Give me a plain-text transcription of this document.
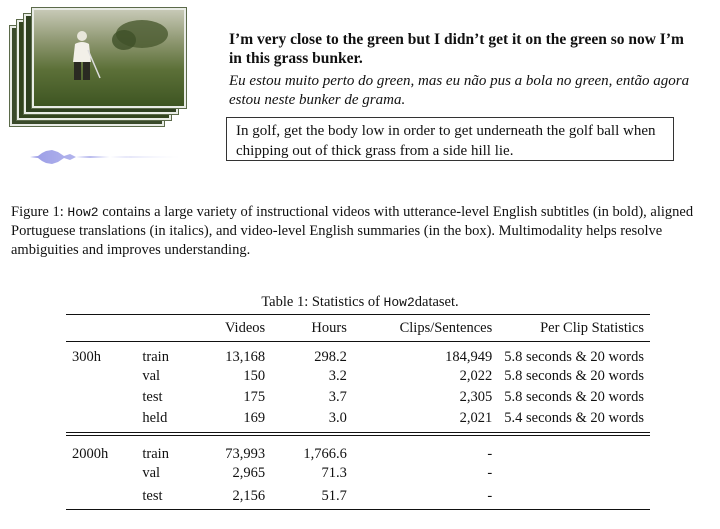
I’m very close to the green but I didn’t get it on the green so now I’m in this grass bunker.

Eu estou muito perto do green, mas eu não pus a bola no green, então agora estou neste bunker de grama.

In golf, get the body low in order to get underneath the golf ball when chipping out of thick grass from a side hill lie.

Figure 1: How2 contains a large variety of instructional videos with utterance-level English subtitles (in bold), aligned Portuguese translations (in italics), and video-level English summaries (in the box). Multimodality helps resolve ambiguities and improves understanding.

Table 1: Statistics of How2dataset.

		Videos	Hours	Clips/Sentences	Per Clip Statistics
300h	train	13,168	298.2	184,949	5.8 seconds & 20 words
	val	150	3.2	2,022	5.8 seconds & 20 words
	test	175	3.7	2,305	5.8 seconds & 20 words
	held	169	3.0	2,021	5.4 seconds & 20 words

2000h	train	73,993	1,766.6	-	
	val	2,965	71.3	-	
	test	2,156	51.7	-	
